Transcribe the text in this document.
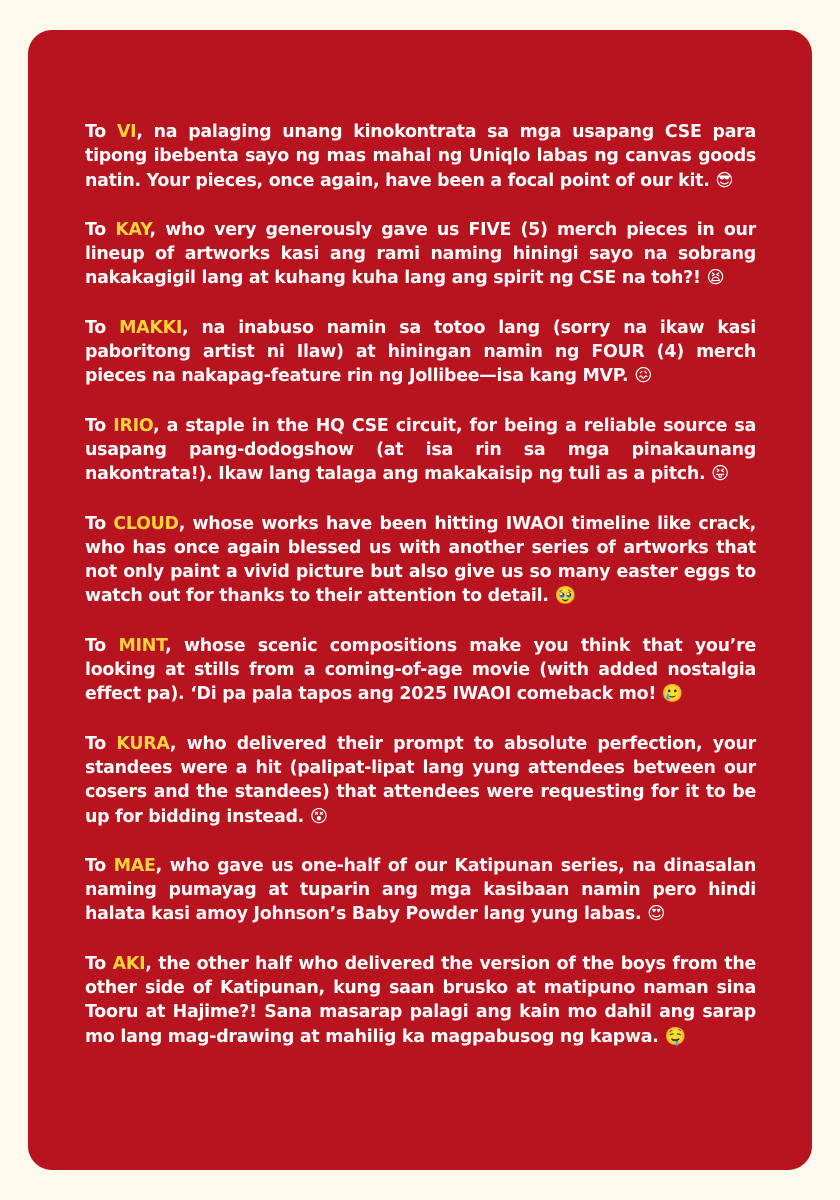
To VI, na palaging unang kinokontrata sa mga usapang CSE para tipong ibebenta sayo ng mas mahal ng Uniqlo labas ng canvas goods natin. Your pieces, once again, have been a focal point of our kit. 😎

To KAY, who very generously gave us FIVE (5) merch pieces in our lineup of artworks kasi ang rami naming hiningi sayo na sobrang nakakagigil lang at kuhang kuha lang ang spirit ng CSE na toh?! 😫

To MAKKI, na inabuso namin sa totoo lang (sorry na ikaw kasi paboritong artist ni Ilaw) at hiningan namin ng FOUR (4) merch pieces na nakapag-feature rin ng Jollibee—isa kang MVP. 😖

To IRIO, a staple in the HQ CSE circuit, for being a reliable source sa usapang pang-dodogshow (at isa rin sa mga pinakaunang nakontrata!). Ikaw lang talaga ang makakaisip ng tuli as a pitch. 😝

To CLOUD, whose works have been hitting IWAOI timeline like crack, who has once again blessed us with another series of artworks that not only paint a vivid picture but also give us so many easter eggs to watch out for thanks to their attention to detail. 🥹

To MINT, whose scenic compositions make you think that you’re looking at stills from a coming-of-age movie (with added nostalgia effect pa). ‘Di pa pala tapos ang 2025 IWAOI comeback mo! 🥲

To KURA, who delivered their prompt to absolute perfection, your standees were a hit (palipat-lipat lang yung attendees between our cosers and the standees) that attendees were requesting for it to be up for bidding instead. 😵

To MAE, who gave us one-half of our Katipunan series, na dinasalan naming pumayag at tuparin ang mga kasibaan namin pero hindi halata kasi amoy Johnson’s Baby Powder lang yung labas. 😍

To AKI, the other half who delivered the version of the boys from the other side of Katipunan, kung saan brusko at matipuno naman sina Tooru at Hajime?! Sana masarap palagi ang kain mo dahil ang sarap mo lang mag-drawing at mahilig ka magpabusog ng kapwa. 🤤
